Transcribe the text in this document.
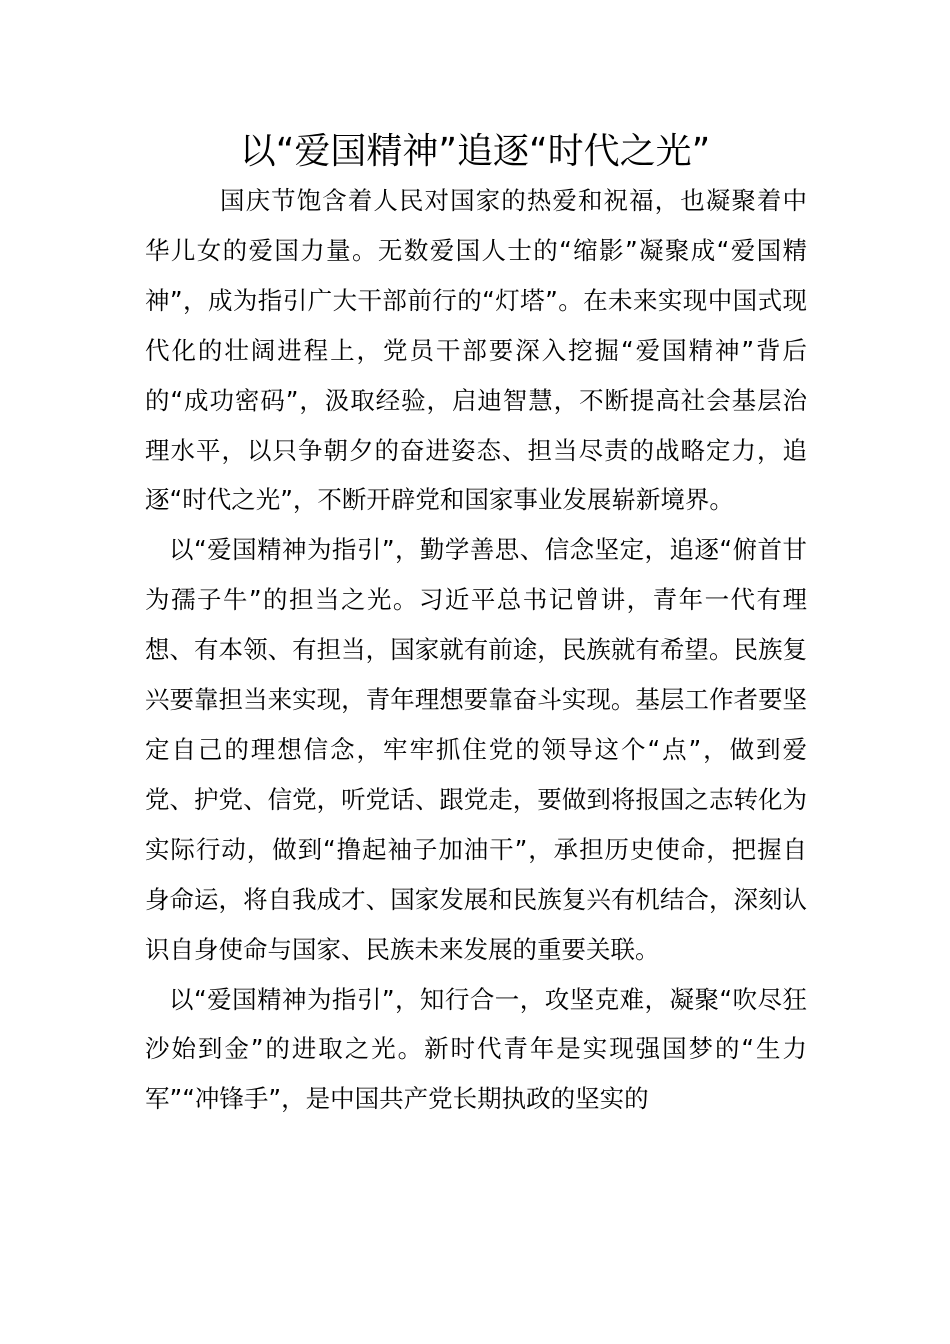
以“爱国精神”追逐“时代之光”

国庆节饱含着人民对国家的热爱和祝福，也凝聚着中华儿女的爱国力量。无数爱国人士的“缩影”凝聚成“爱国精神”，成为指引广大干部前行的“灯塔”。在未来实现中国式现代化的壮阔进程上，党员干部要深入挖掘“爱国精神”背后的“成功密码”，汲取经验，启迪智慧，不断提高社会基层治理水平，以只争朝夕的奋进姿态、担当尽责的战略定力，追逐“时代之光”，不断开辟党和国家事业发展崭新境界。

以“爱国精神为指引”，勤学善思、信念坚定，追逐“俯首甘为孺子牛”的担当之光。习近平总书记曾讲，青年一代有理想、有本领、有担当，国家就有前途，民族就有希望。民族复兴要靠担当来实现，青年理想要靠奋斗实现。基层工作者要坚定自己的理想信念，牢牢抓住党的领导这个“点”，做到爱党、护党、信党，听党话、跟党走，要做到将报国之志转化为实际行动，做到“撸起袖子加油干”，承担历史使命，把握自身命运，将自我成才、国家发展和民族复兴有机结合，深刻认识自身使命与国家、民族未来发展的重要关联。

以“爱国精神为指引”，知行合一，攻坚克难，凝聚“吹尽狂沙始到金”的进取之光。新时代青年是实现强国梦的“生力军”“冲锋手”，是中国共产党长期执政的坚实的
